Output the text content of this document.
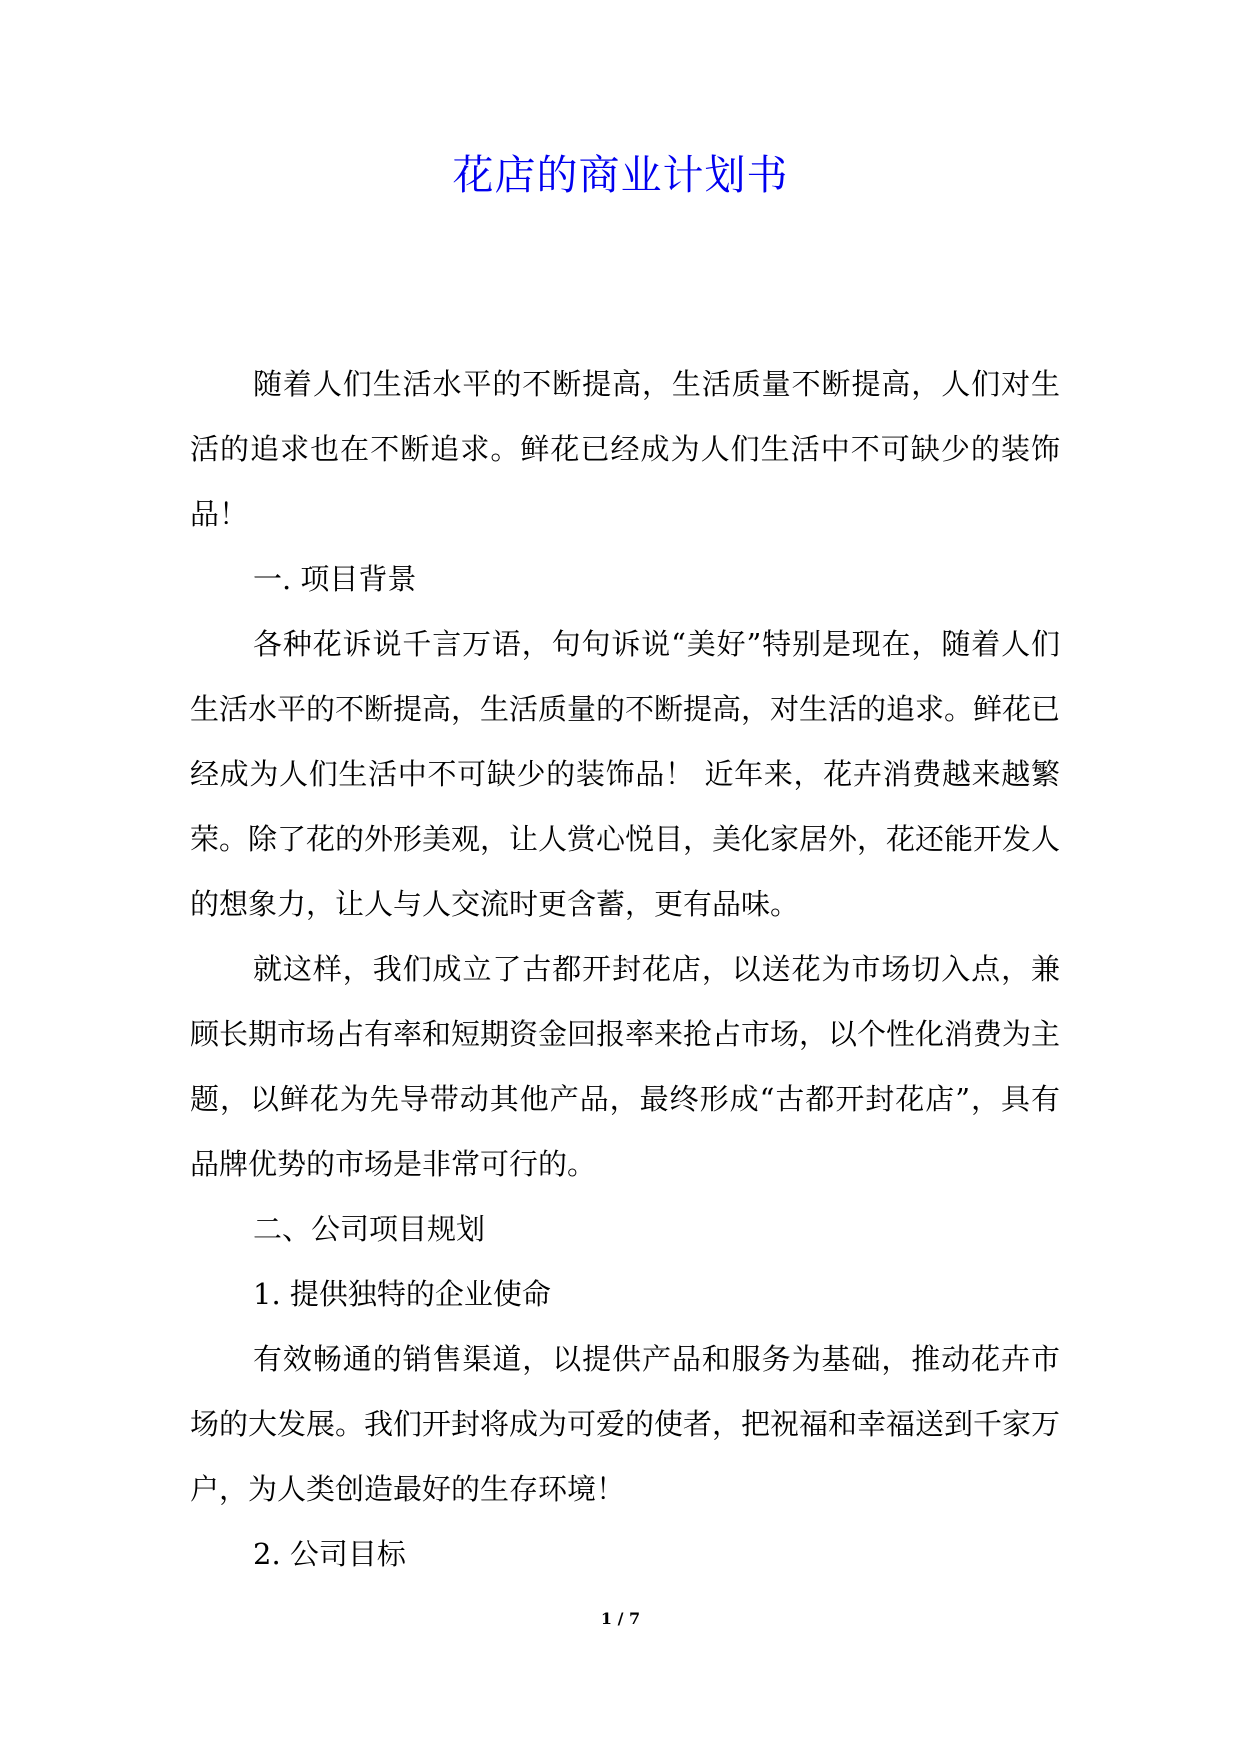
花店的商业计划书

随着人们生活水平的不断提高，生活质量不断提高，人们对生活的追求也在不断追求。鲜花已经成为人们生活中不可缺少的装饰品！

一. 项目背景

各种花诉说千言万语，句句诉说“美好”特别是现在，随着人们生活水平的不断提高，生活质量的不断提高，对生活的追求。鲜花已经成为人们生活中不可缺少的装饰品！ 近年来，花卉消费越来越繁荣。除了花的外形美观，让人赏心悦目，美化家居外，花还能开发人的想象力，让人与人交流时更含蓄，更有品味。

就这样，我们成立了古都开封花店，以送花为市场切入点，兼顾长期市场占有率和短期资金回报率来抢占市场，以个性化消费为主题，以鲜花为先导带动其他产品，最终形成“古都开封花店”，具有品牌优势的市场是非常可行的。

二、公司项目规划

1. 提供独特的企业使命

有效畅通的销售渠道，以提供产品和服务为基础，推动花卉市场的大发展。我们开封将成为可爱的使者，把祝福和幸福送到千家万户，为人类创造最好的生存环境！

2. 公司目标

1 / 7
